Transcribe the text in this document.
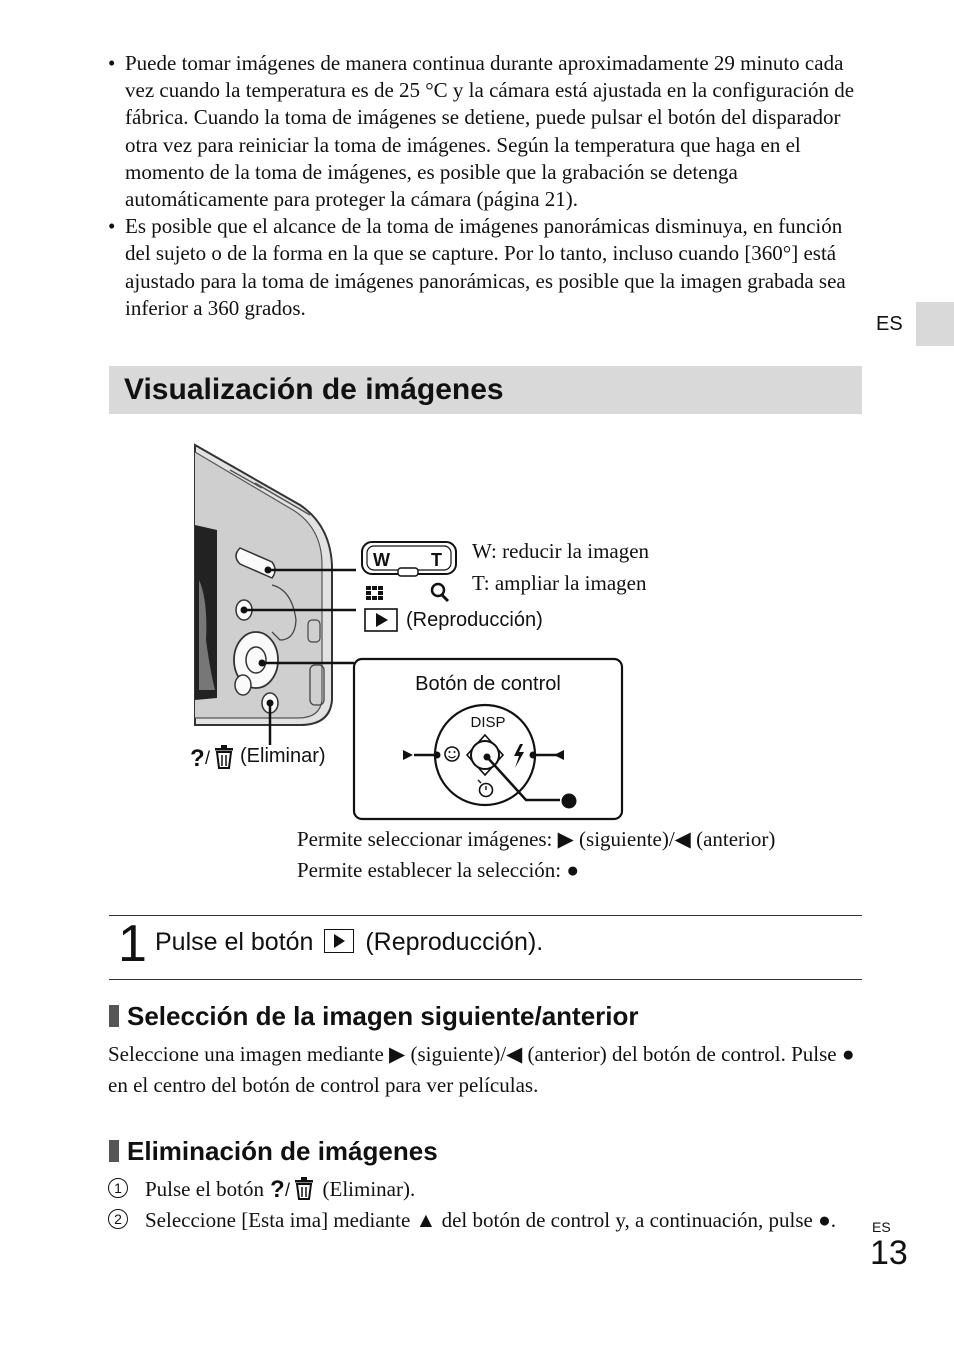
• Puede tomar imágenes de manera continua durante aproximadamente 29 minuto cada vez cuando la temperatura es de 25 °C y la cámara está ajustada en la configuración de fábrica. Cuando la toma de imágenes se detiene, puede pulsar el botón del disparador otra vez para reiniciar la toma de imágenes. Según la temperatura que haga en el momento de la toma de imágenes, es posible que la grabación se detenga automáticamente para proteger la cámara (página 21).
• Es posible que el alcance de la toma de imágenes panorámicas disminuya, en función del sujeto o de la forma en la que se capture. Por lo tanto, incluso cuando [360°] está ajustado para la toma de imágenes panorámicas, es posible que la imagen grabada sea inferior a 360 grados.
ES
Visualización de imágenes
W T W: reducir la imagen
T: ampliar la imagen
(Reproducción)
? / (Eliminar)
Botón de control
DISP
Permite seleccionar imágenes: ▶ (siguiente)/◀ (anterior)
Permite establecer la selección: ●
1 Pulse el botón (Reproducción).
Selección de la imagen siguiente/anterior
Seleccione una imagen mediante ▶ (siguiente)/◀ (anterior) del botón de control. Pulse ● en el centro del botón de control para ver películas.
Eliminación de imágenes
1 Pulse el botón ? / (Eliminar).
2 Seleccione [Esta ima] mediante ▲ del botón de control y, a continuación, pulse ●.	ES
13
